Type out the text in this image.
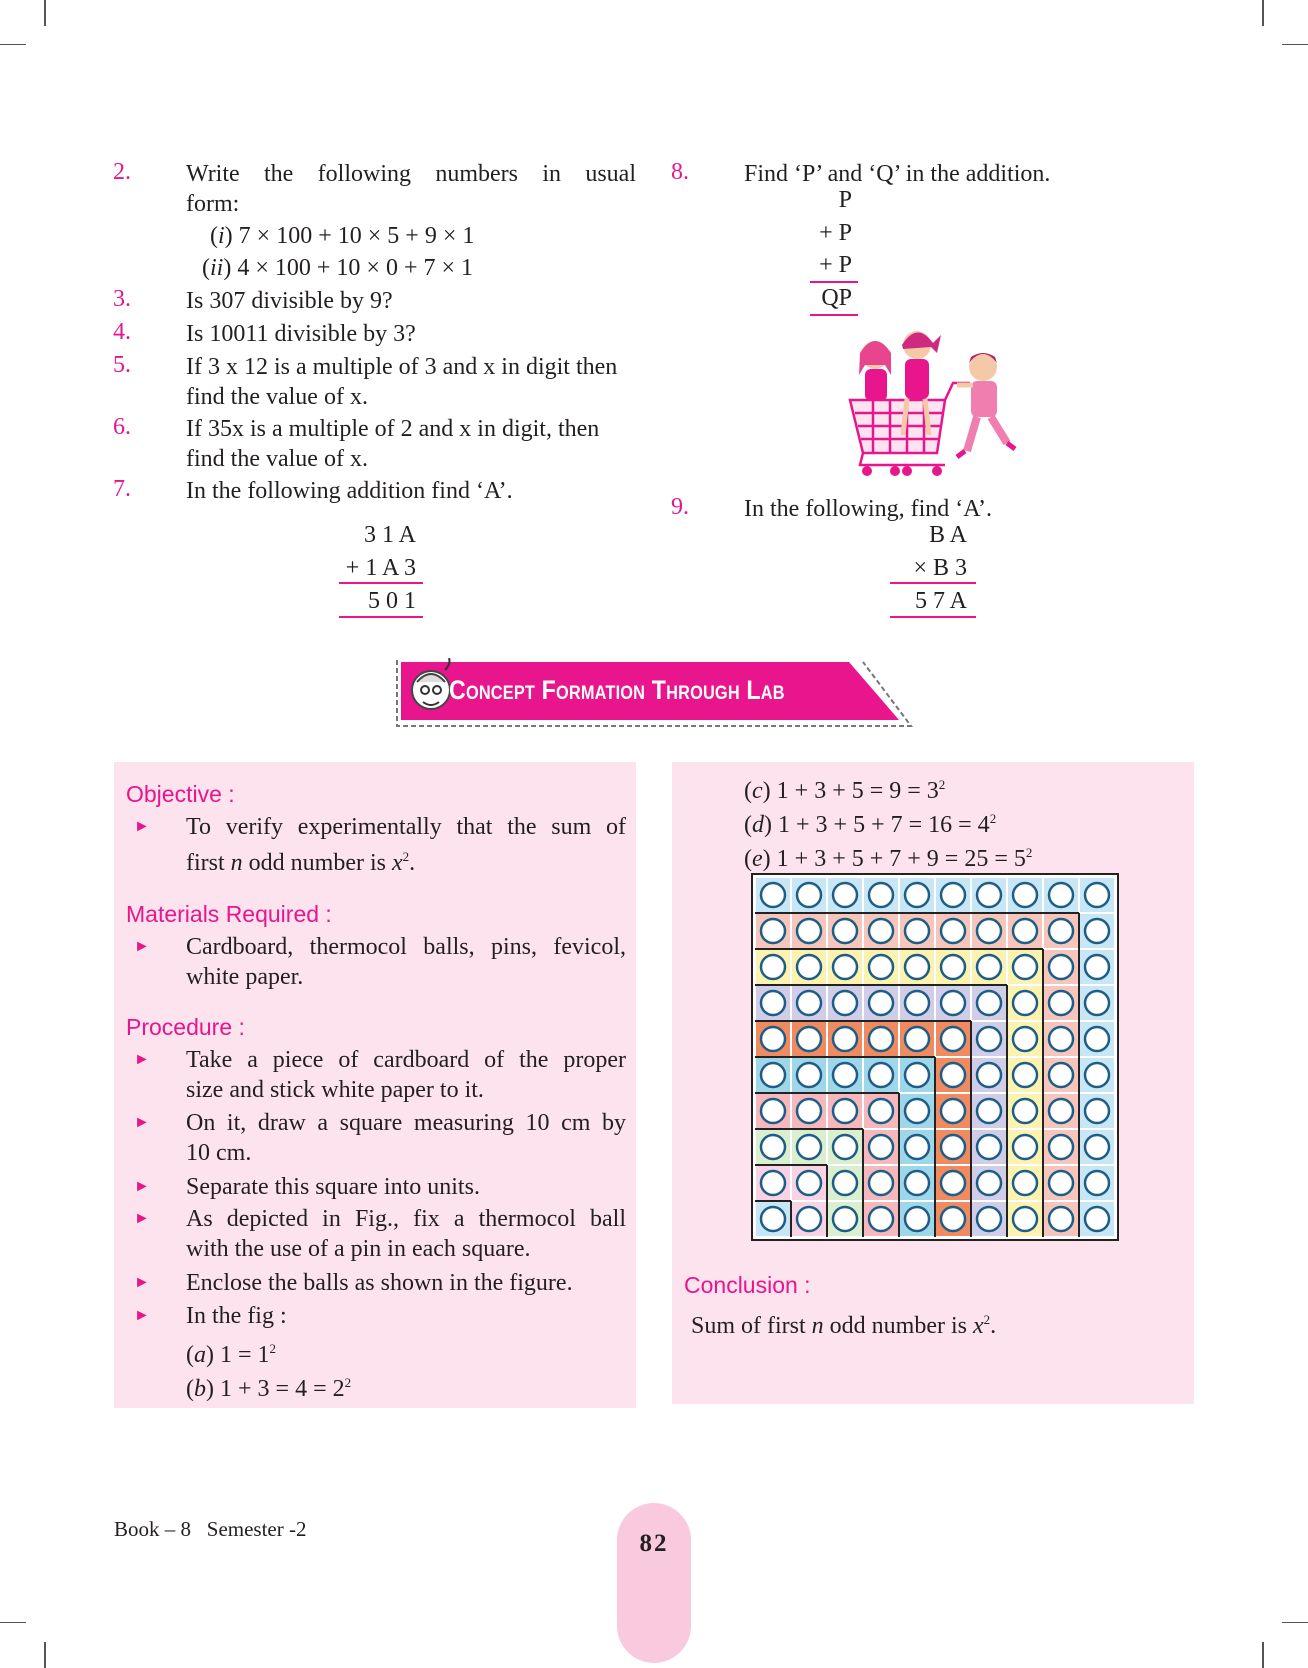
2. Write the following numbers in usual
form:
(i) 7 × 100 + 10 × 5 + 9 × 1
(ii) 4 × 100 + 10 × 0 + 7 × 1
3. Is 307 divisible by 9?
4. Is 10011 divisible by 3?
5. If 3 x 12 is a multiple of 3 and x in digit then
find the value of x.
6. If 35x is a multiple of 2 and x in digit, then
find the value of x.
7. In the following addition find ‘A’.
3 1 A
+ 1 A 3
5 0 1
8. Find ‘P’ and ‘Q’ in the addition.
P
+ P
+ P
QP
9. In the following, find ‘A’.
B A
× B 3
5 7 A
Concept Formation Through Lab
Objective :
► To verify experimentally that the sum of
first n odd number is $x^2$.
Materials Required :
► Cardboard, thermocol balls, pins, fevicol,
white paper.
Procedure :
► Take a piece of cardboard of the proper
size and stick white paper to it.
► On it, draw a square measuring 10 cm by
10 cm.
► Separate this square into units.
► As depicted in Fig., fix a thermocol ball
with the use of a pin in each square.
► Enclose the balls as shown in the figure.
► In the fig :
(a) $1 = 1^2$
(b) $1 + 3 = 4 = 2^2$
(c) $1 + 3 + 5 = 9 = 3^2$
(d) $1 + 3 + 5 + 7 = 16 = 4^2$
(e) $1 + 3 + 5 + 7 + 9 = 25 = 5^2$
Conclusion :
Sum of first n odd number is $x^2$.
Book – 8 Semester -2
82
